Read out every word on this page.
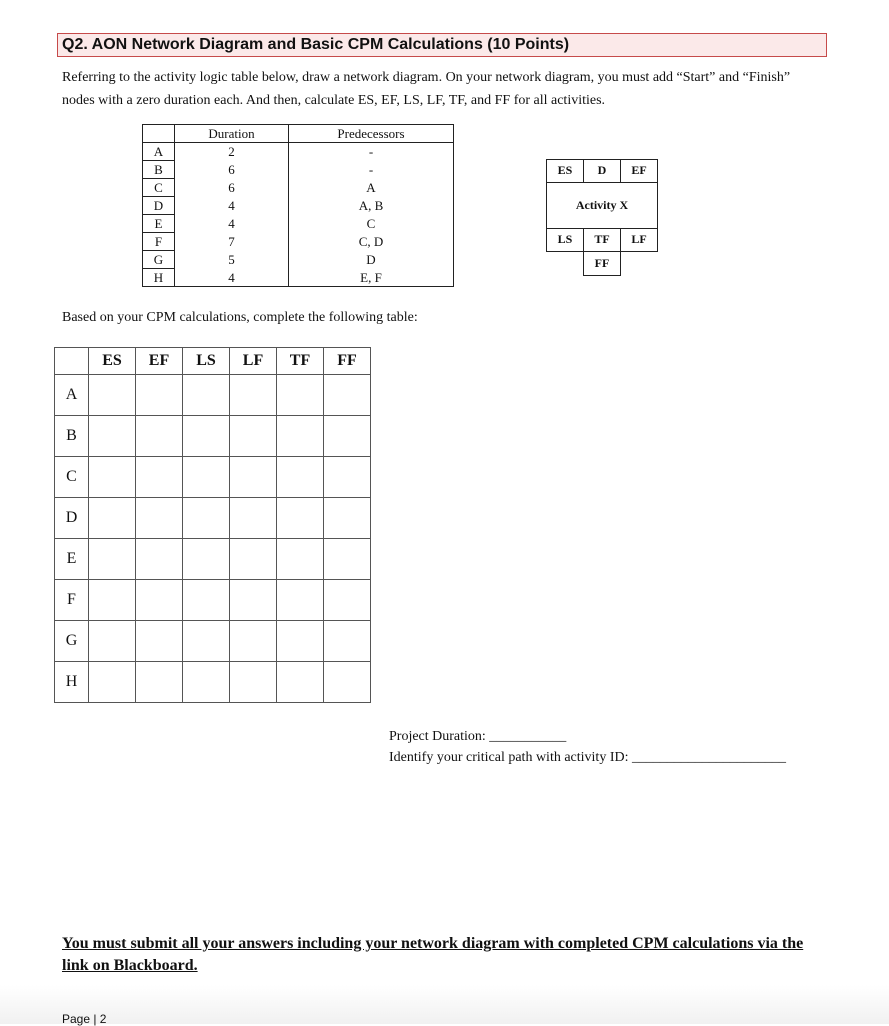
Q2. AON Network Diagram and Basic CPM Calculations (10 Points)
Referring to the activity logic table below, draw a network diagram. On your network diagram, you must add “Start” and “Finish” nodes with a zero duration each. And then, calculate ES, EF, LS, LF, TF, and FF for all activities.
	Duration	Predecessors
A	2	-
B	6	-
C	6	A
D	4	A, B
E	4	C
F	7	C, D
G	5	D
H	4	E, F
ES	D	EF
Activity X
LS	TF	LF
FF
Based on your CPM calculations, complete the following table:
	ES	EF	LS	LF	TF	FF
A						
B						
C						
D						
E						
F						
G						
H						
Project Duration: ___________
Identify your critical path with activity ID: ______________________
You must submit all your answers including your network diagram with completed CPM calculations via the link on Blackboard.
Page | 2
